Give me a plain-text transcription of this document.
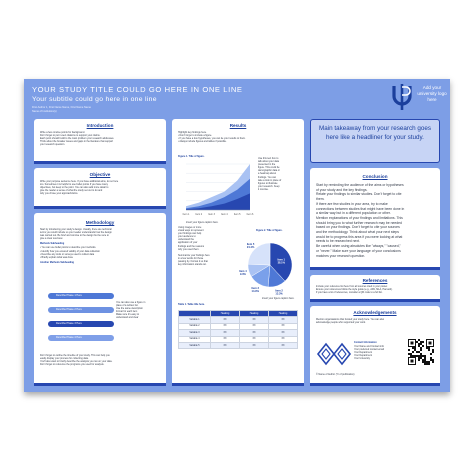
YOUR STUDY TITLE COULD GO HERE IN ONE LINE
Your subtitle could go here in one line
First Author 1, First Name Name, First Name Name
Name of Institution(s)
Add your university logo here
Introduction
Write a few concise points for background.
Don't forget to put in-text citations to support your claims.
Each point should build to the main problem your research addresses.
Think about the broader issues and gaps in the literature that support
your research question.
Objective
Write your purpose sentence here. If you have additional aims, do so here
too. Sometimes it is helpful to use bullet points if you have many
objectives, but keep to the point. You can also add more detail to
give the reader a sense of what the study set out to do and
why you chose your approach/aims.
Methodology
Start by introducing your study's design. Usually, there are technical
terms you could include so your reader understands how the design
was carried out. Be brief and concise to the design but be sure to
give a clear overview.
Methods Subheading
• You can use bullet points to describe your methods.
• Identify how you ensured validity of your data collection
• Describe any tools or surveys used to collect data
• Briefly explain what was done
Another Methods Subheading
Describe Phase 1 Here
Describe Phase 2 Here
Describe Phase 3 Here
Describe Phase 4 Here
You can also use a figure in
place of a written list.
Use the same description
format for each item
Make sure it's easy to
understand and clear
Don't forget to outline the timeline of your study. This can help you
easily display your process for collecting data.
You'll also want to briefly describe the analysis you ran on your data.
Don't forget to reference the programs you used for analysis.
Results
Highlight key findings here.
• Don't forget to include a figure.
• If you have a few hypotheses, you can tie your results to them.
• Always include figures and tables if possible.
Figure 1. Title of figure.
Item 1	Item 2	Item 3	Item 4	Item 5	Item 6
Use this text box to
talk about your data
presented in the
figure. This could be
demographic data or
a heatmap about
findings. You can
take a look in place of
figures to illustrate
your research. Keep
it concise.
Insert your figure caption here.
Using images or more
visual ways to represent
your findings can help
your audience to
understand the
application of your
findings and the reasons
why you used them.

Summarize your findings here
in a few words for those
passing by. Format it so that
key information stands out.
Figure 2. Title of figure.
Item 1 38.1%
Item 2 13.3%
Item 3 14.9%
Item 4 9.3%
Item 5 24.4%
Insert your figure caption here.
Table 1. Table title here.
	Heading	Heading	Heading
Variable 1	XX	XX	XX
Variable 2	XX	XX	XX
Variable 3	XX	XX	XX
Variable 4	XX	XX	XX
Variable 5	XX	XX	XX
Main takeaway from your research goes here like a headliner for your study.
Conclusion
Start by reminding the audience of the aims or hypotheses
of your study and the key findings.
Relate your findings to similar studies. Don't forget to cite
them.
If there are few studies in your area, try to make
connections between studies that might have been done in
a similar way but in a different population or other.
Mention explanations of your findings and limitations. This
should bring you to what further research may be needed
based on your findings. Don't forget to cite your sources
and the methodology. Think about what your next steps
would be to progress this area if you were looking at what
needs to be researched next.
Be careful when using absolutes like "always," "caused,"
or "never." Make sure your language of your conclusions
matches your research question.
References
Include your reference list here from all sources cited in your poster.
Ensure your references follow the style guide (e.g., APA, MLA, Harvard).
If you have a lot of references, consider a QR code to a full list.
Acknowledgements
Mention organisations that funded your study here. You can also
acknowledge people who supported your work.
Contact Information
Your Name and Contact info
Your preferred contact email
Your Department
Your Department
Your University
© Name of Author (Yr of publication)
